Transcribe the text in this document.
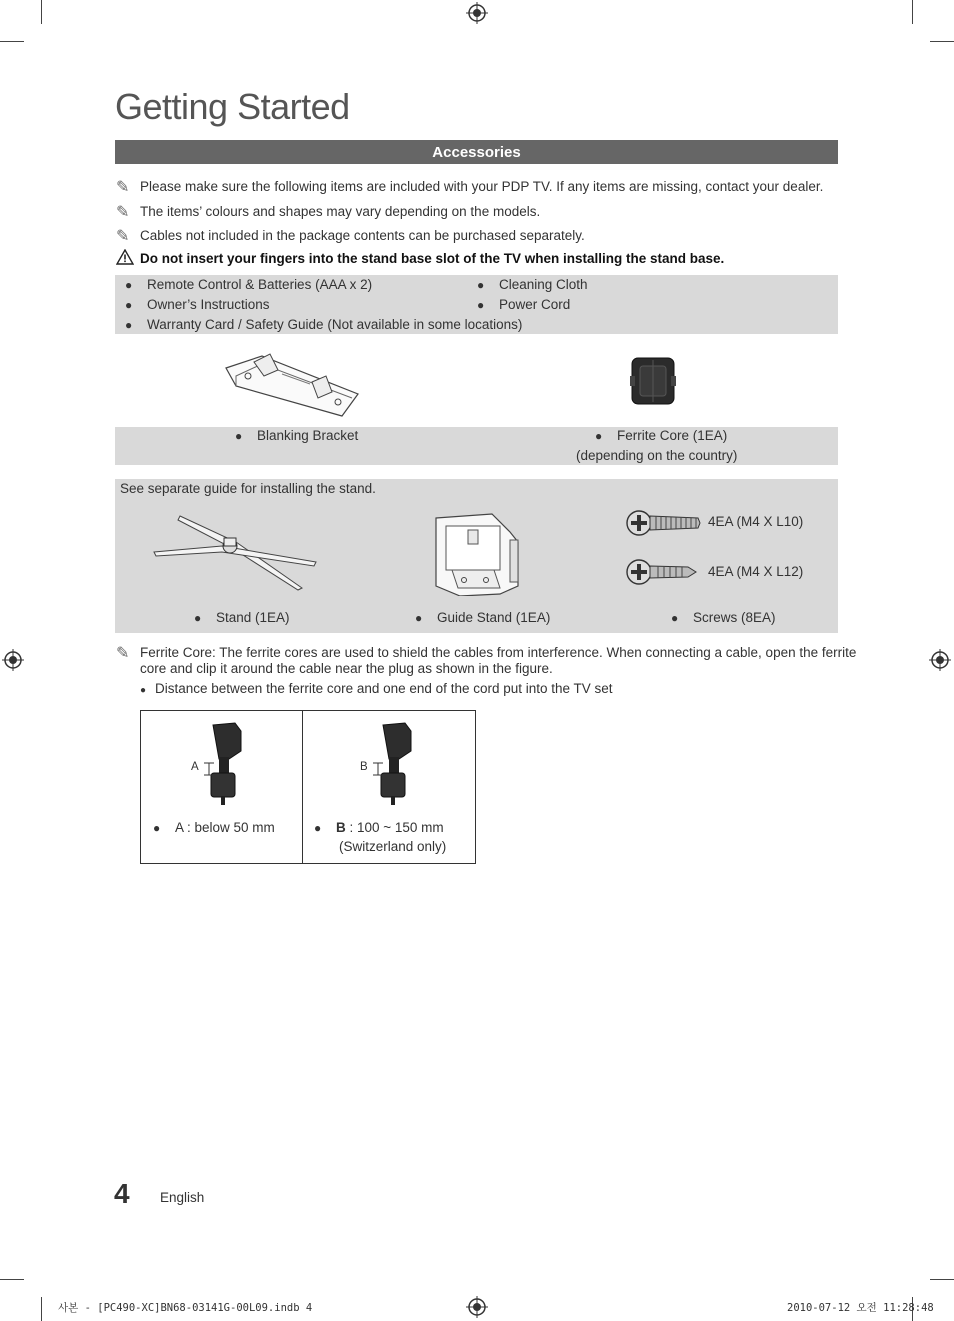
Getting Started
Accessories
✎ Please make sure the following items are included with your PDP TV. If any items are missing, contact your dealer.
✎ The items’ colours and shapes may vary depending on the models.
✎ Cables not included in the package contents can be purchased separately.
Do not insert your fingers into the stand base slot of the TV when installing the stand base.
● Remote Control & Batteries (AAA x 2)
● Owner’s Instructions
● Warranty Card / Safety Guide (Not available in some locations)
● Cleaning Cloth
● Power Cord
● Blanking Bracket	● Ferrite Core (1EA)
(depending on the country)
See separate guide for installing the stand.
4EA (M4 X L10)
4EA (M4 X L12)
● Stand (1EA)	● Guide Stand (1EA)	● Screws (8EA)
✎ Ferrite Core: The ferrite cores are used to shield the cables from interference. When connecting a cable, open the ferrite
core and clip it around the cable near the plug as shown in the figure.
● Distance between the ferrite core and one end of the cord put into the TV set
A	B
● A : below 50 mm	● B : 100 ~ 150 mm
(Switzerland only)
4 English
사본 - [PC490-XC]BN68-03141G-00L09.indb 4	2010-07-12 오전 11:28:48
